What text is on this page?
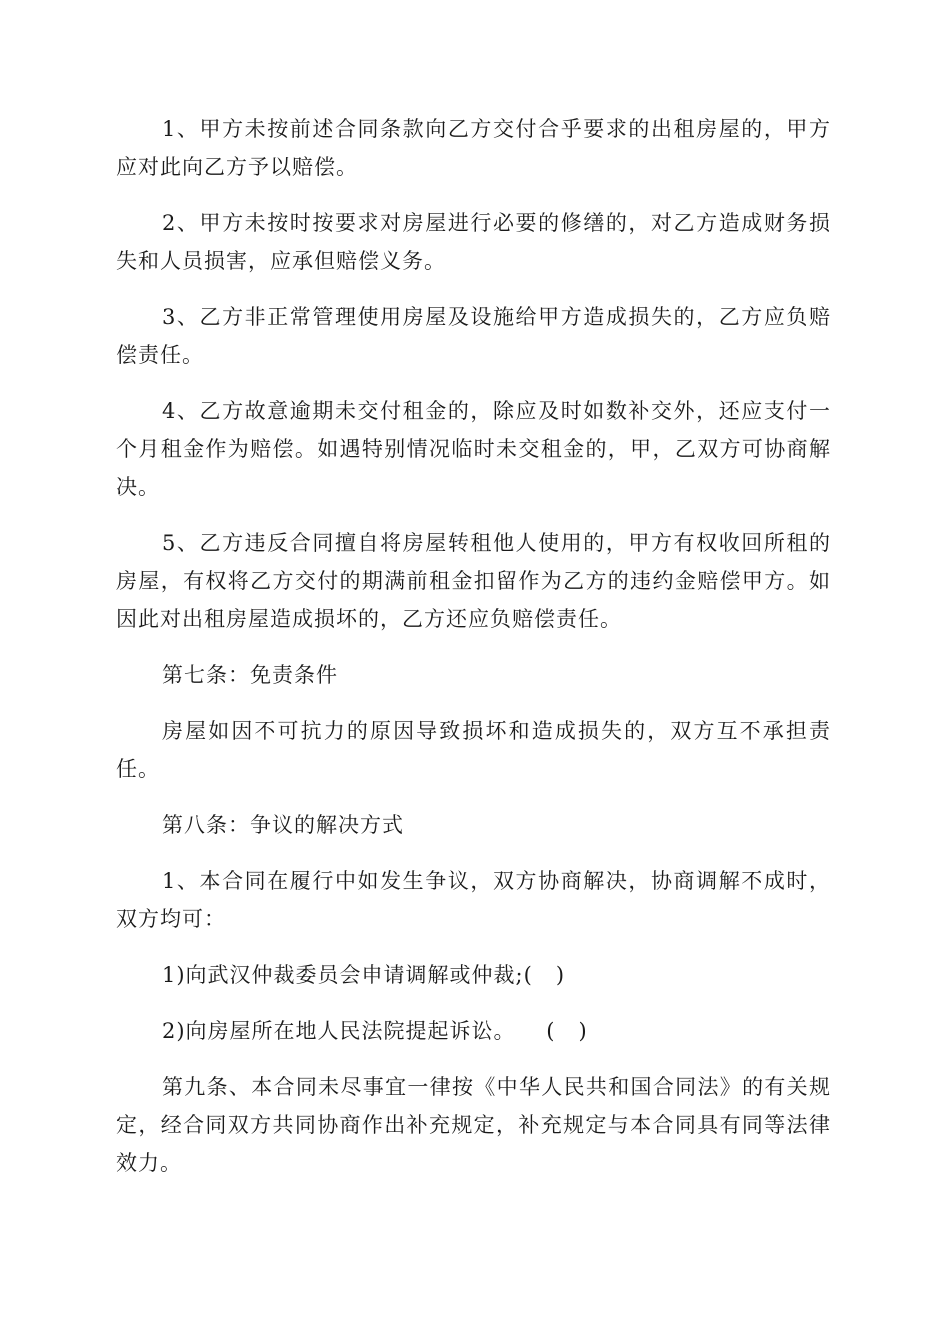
1、甲方未按前述合同条款向乙方交付合乎要求的出租房屋的，甲方应对此向乙方予以赔偿。

2、甲方未按时按要求对房屋进行必要的修缮的，对乙方造成财务损失和人员损害，应承但赔偿义务。

3、乙方非正常管理使用房屋及设施给甲方造成损失的，乙方应负赔偿责任。

4、乙方故意逾期未交付租金的，除应及时如数补交外，还应支付一个月租金作为赔偿。如遇特别情况临时未交租金的，甲，乙双方可协商解决。

5、乙方违反合同擅自将房屋转租他人使用的，甲方有权收回所租的房屋，有权将乙方交付的期满前租金扣留作为乙方的违约金赔偿甲方。如因此对出租房屋造成损坏的，乙方还应负赔偿责任。

第七条：免责条件

房屋如因不可抗力的原因导致损坏和造成损失的，双方互不承担责任。

第八条：争议的解决方式

1、本合同在履行中如发生争议，双方协商解决，协商调解不成时，双方均可：

1)向武汉仲裁委员会申请调解或仲裁;(   )

2)向房屋所在地人民法院提起诉讼。    (   )

第九条、本合同未尽事宜一律按《中华人民共和国合同法》的有关规定，经合同双方共同协商作出补充规定，补充规定与本合同具有同等法律效力。
